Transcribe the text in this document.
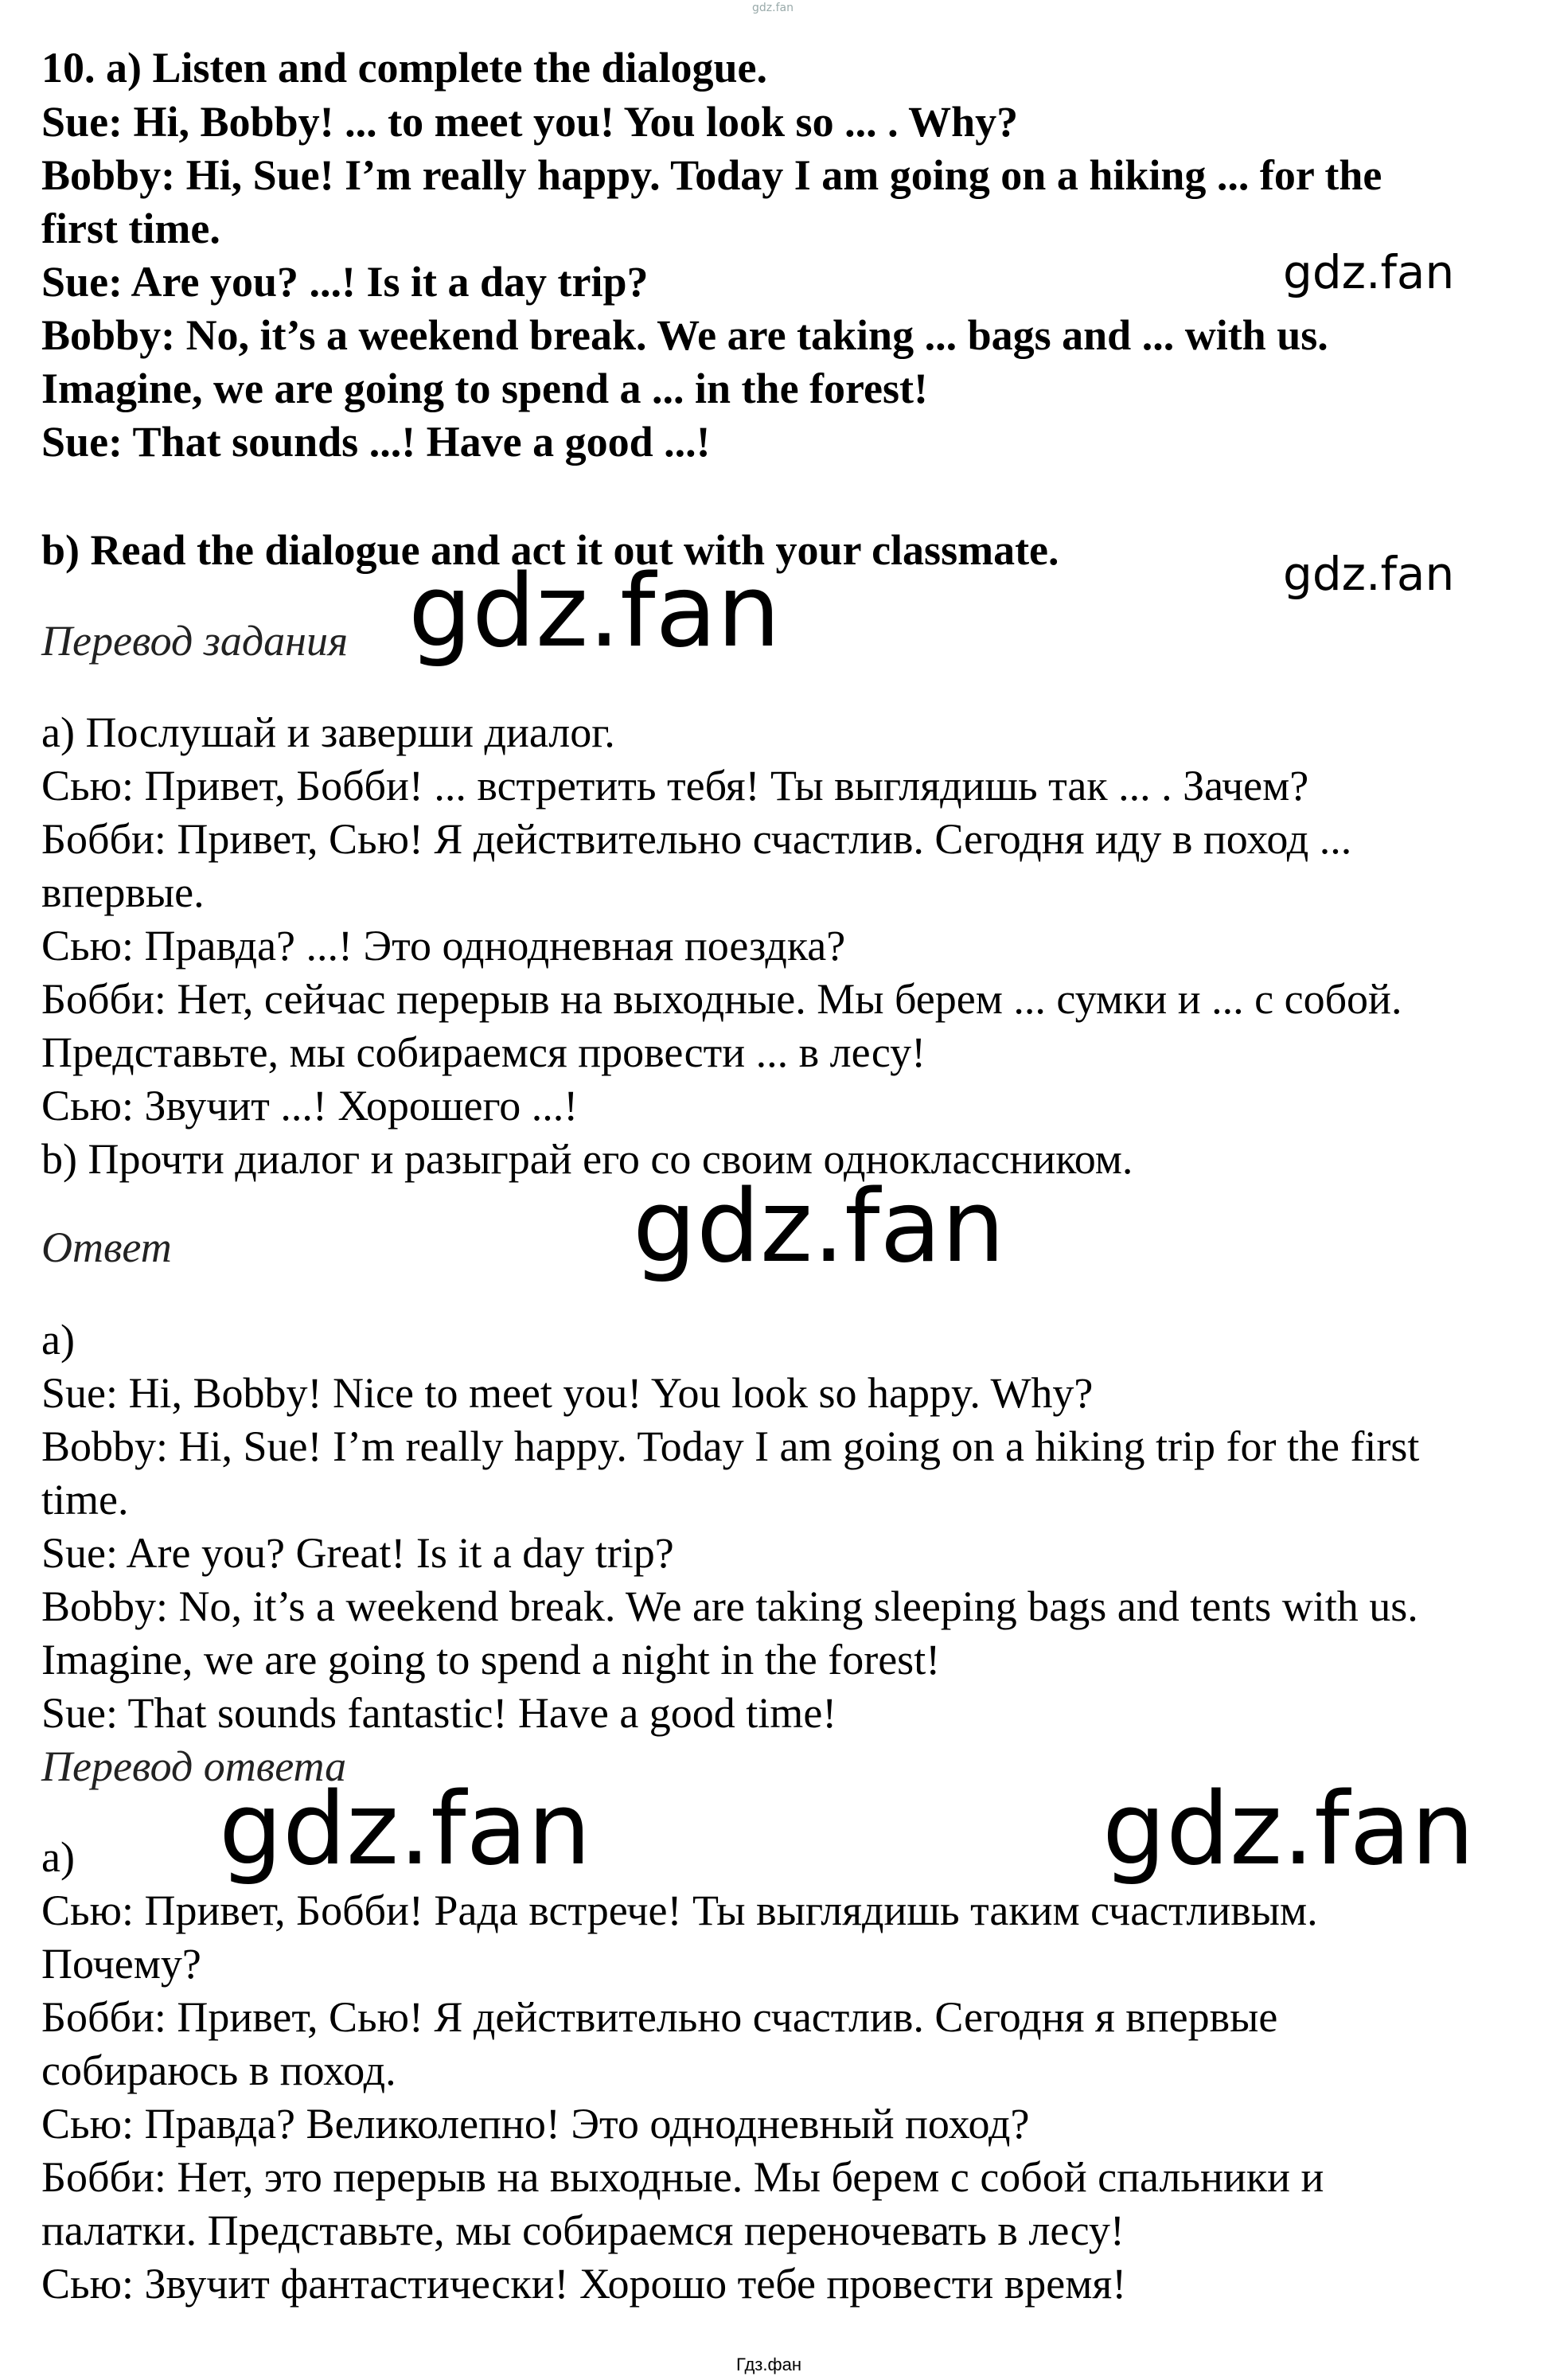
gdz.fan
10. a) Listen and complete the dialogue.
Sue: Hi, Bobby! ... to meet you! You look so ... . Why?
Bobby: Hi, Sue! I’m really happy. Today I am going on a hiking ... for the
first time.
Sue: Are you? ...! Is it a day trip?
Bobby: No, it’s a weekend break. We are taking ... bags and ... with us.
Imagine, we are going to spend a ... in the forest!
Sue: That sounds ...! Have a good ...!
b) Read the dialogue and act it out with your classmate.
Перевод задания
a) Послушай и заверши диалог.
Сью: Привет, Бобби! ... встретить тебя! Ты выглядишь так ... . Зачем?
Бобби: Привет, Сью! Я действительно счастлив. Сегодня иду в поход ...
впервые.
Сью: Правда? ...! Это однодневная поездка?
Бобби: Нет, сейчас перерыв на выходные. Мы берем ... сумки и ... с собой.
Представьте, мы собираемся провести ... в лесу!
Сью: Звучит ...! Хорошего ...!
b) Прочти диалог и разыграй его со своим одноклассником.
Ответ
a)
Sue: Hi, Bobby! Nice to meet you! You look so happy. Why?
Bobby: Hi, Sue! I’m really happy. Today I am going on a hiking trip for the first
time.
Sue: Are you? Great! Is it a day trip?
Bobby: No, it’s a weekend break. We are taking sleeping bags and tents with us.
Imagine, we are going to spend a night in the forest!
Sue: That sounds fantastic! Have a good time!
Перевод ответа
a)
Сью: Привет, Бобби! Рада встрече! Ты выглядишь таким счастливым.
Почему?
Бобби: Привет, Сью! Я действительно счастлив. Сегодня я впервые
собираюсь в поход.
Сью: Правда? Великолепно! Это однодневный поход?
Бобби: Нет, это перерыв на выходные. Мы берем с собой спальники и
палатки. Представьте, мы собираемся переночевать в лесу!
Сью: Звучит фантастически! Хорошо тебе провести время!
gdz.fan
gdz.fan
gdz.fan
gdz.fan
gdz.fan	gdz.fan
Гдз.фан
